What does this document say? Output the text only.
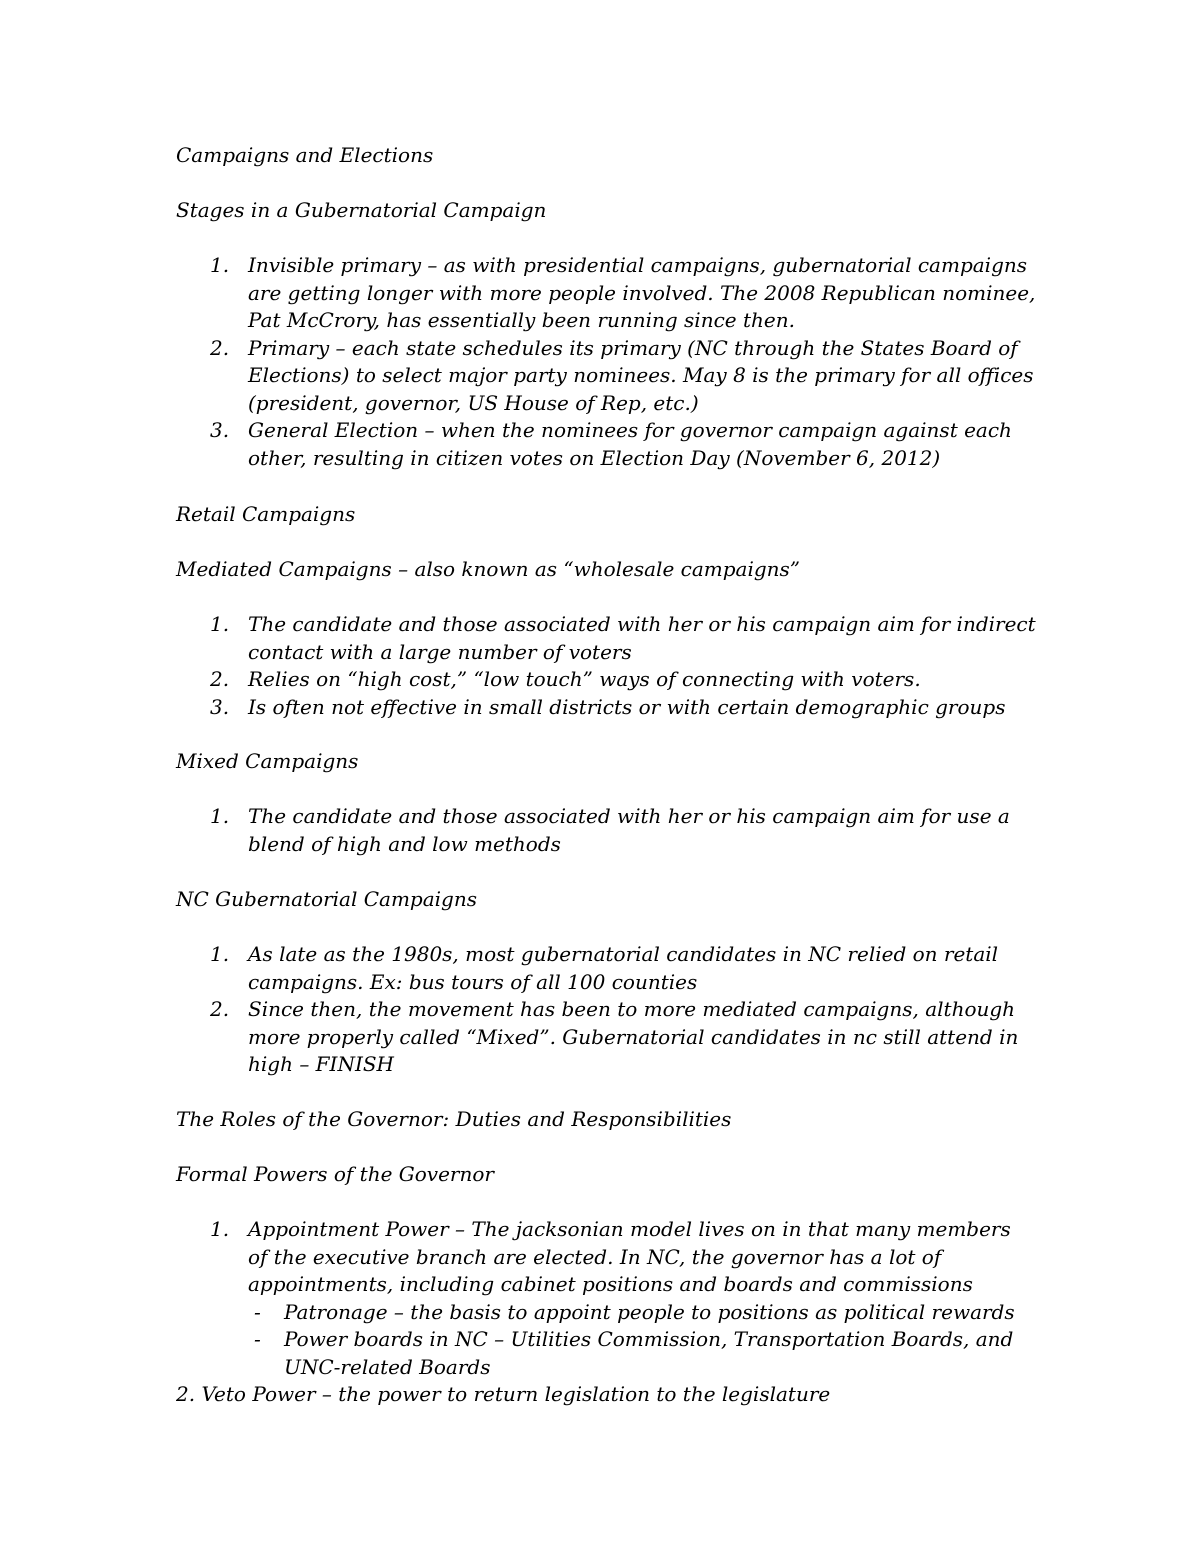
Campaigns and Elections

Stages in a Gubernatorial Campaign

1. Invisible primary – as with presidential campaigns, gubernatorial campaigns are getting longer with more people involved. The 2008 Republican nominee, Pat McCrory, has essentially been running since then.
2. Primary – each state schedules its primary (NC through the States Board of Elections) to select major party nominees. May 8 is the primary for all offices (president, governor, US House of Rep, etc.)
3. General Election – when the nominees for governor campaign against each other, resulting in citizen votes on Election Day (November 6, 2012)

Retail Campaigns

Mediated Campaigns – also known as “wholesale campaigns”

1. The candidate and those associated with her or his campaign aim for indirect contact with a large number of voters
2. Relies on “high cost,” “low touch” ways of connecting with voters.
3. Is often not effective in small districts or with certain demographic groups

Mixed Campaigns

1. The candidate and those associated with her or his campaign aim for use a blend of high and low methods

NC Gubernatorial Campaigns

1. As late as the 1980s, most gubernatorial candidates in NC relied on retail campaigns. Ex: bus tours of all 100 counties
2. Since then, the movement has been to more mediated campaigns, although more properly called “Mixed”. Gubernatorial candidates in nc still attend in high – FINISH

The Roles of the Governor: Duties and Responsibilities

Formal Powers of the Governor

1. Appointment Power – The jacksonian model lives on in that many members of the executive branch are elected. In NC, the governor has a lot of appointments, including cabinet positions and boards and commissions
- Patronage – the basis to appoint people to positions as political rewards
- Power boards in NC – Utilities Commission, Transportation Boards, and UNC-related Boards

2. Veto Power – the power to return legislation to the legislature
